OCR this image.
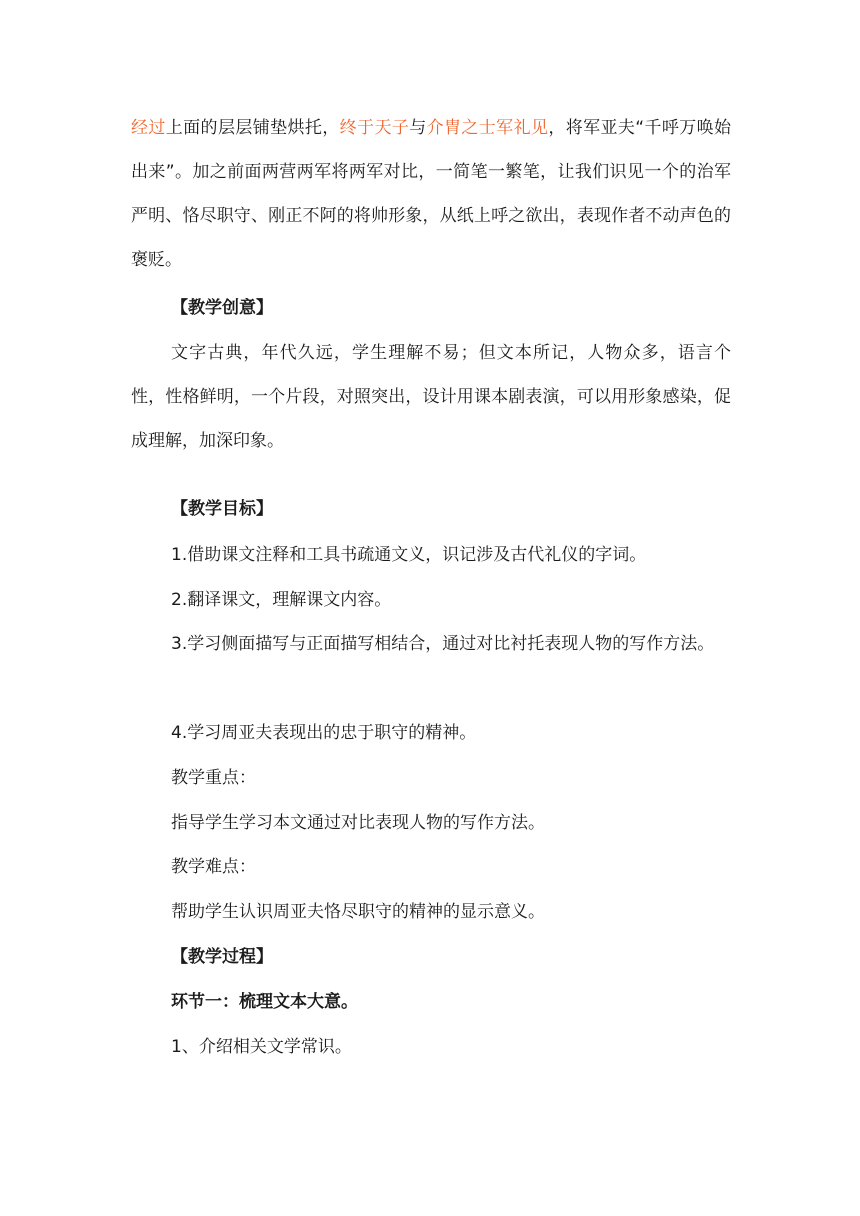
经过上面的层层铺垫烘托，终于天子与介胄之士军礼见，将军亚夫“千呼万唤始出来”。加之前面两营两军将两军对比，一简笔一繁笔，让我们识见一个的治军严明、恪尽职守、刚正不阿的将帅形象，从纸上呼之欲出，表现作者不动声色的褒贬。

【教学创意】

文字古典，年代久远，学生理解不易；但文本所记，人物众多，语言个性，性格鲜明，一个片段，对照突出，设计用课本剧表演，可以用形象感染，促成理解，加深印象。

【教学目标】

1.借助课文注释和工具书疏通文义，识记涉及古代礼仪的字词。

2.翻译课文，理解课文内容。

3.学习侧面描写与正面描写相结合，通过对比衬托表现人物的写作方法。

4.学习周亚夫表现出的忠于职守的精神。

教学重点：

指导学生学习本文通过对比表现人物的写作方法。

教学难点：

帮助学生认识周亚夫恪尽职守的精神的显示意义。

【教学过程】

环节一：梳理文本大意。

1、介绍相关文学常识。
